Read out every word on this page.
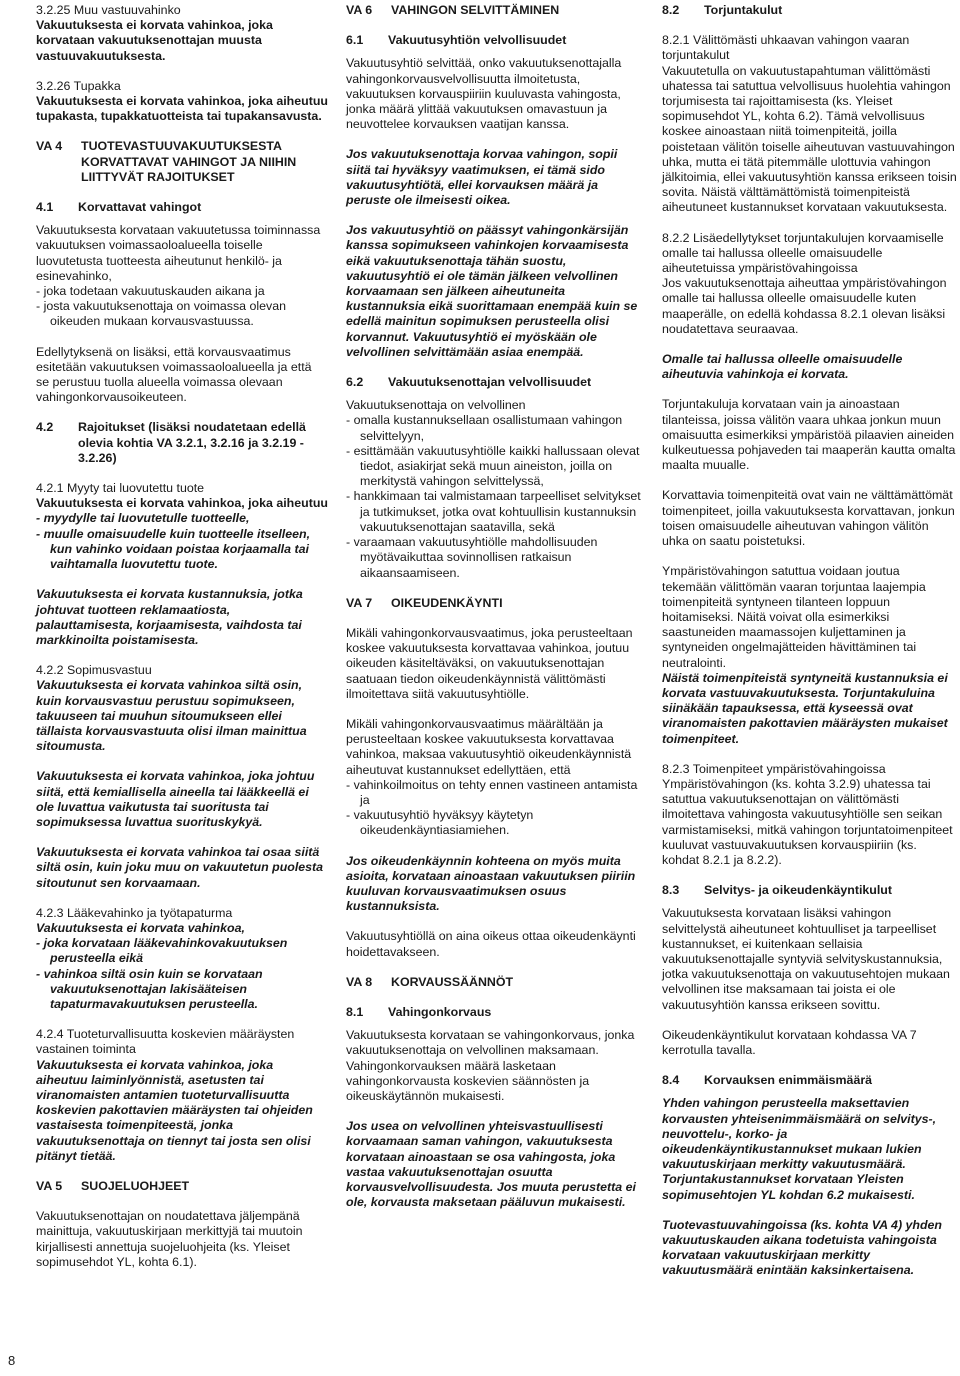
3.2.25 Muu vastuuvahinko

Vakuutuksesta ei korvata vahinkoa, joka korvataan vakuutuksenottajan muusta vastuuvakuutuksesta.

3.2.26 Tupakka

Vakuutuksesta ei korvata vahinkoa, joka aiheutuu tupakasta, tupakkatuotteista tai tupakansavusta.

VA 4	TUOTEVASTUUVAKUUTUKSESTA KORVATTAVAT VAHINGOT JA NIIHIN LIITTYVÄT RAJOITUKSET
4.1	Korvattavat vahingot

Vakuutuksesta korvataan vakuutetussa toiminnassa vakuutuksen voimassaoloalueella toiselle luovutetusta tuotteesta aiheutunut henkilö- ja esinevahinko,

- joka todetaan vakuutuskauden aikana ja

- josta vakuutuksenottaja on voimassa olevan oikeuden mukaan korvausvastuussa.

Edellytyksenä on lisäksi, että korvausvaatimus esitetään vakuutuksen voimassaoloalueella ja että se perustuu tuolla alueella voimassa olevaan vahingonkorvausoikeuteen.

4.2	Rajoitukset (lisäksi noudatetaan edellä olevia kohtia VA 3.2.1, 3.2.16 ja 3.2.19 - 3.2.26)

4.2.1 Myyty tai luovutettu tuote

Vakuutuksesta ei korvata vahinkoa, joka aiheutuu

- myydylle tai luovutetulle tuotteelle,

- muulle omaisuudelle kuin tuotteelle itselleen, kun vahinko voidaan poistaa korjaamalla tai vaihtamalla luovutettu tuote.

Vakuutuksesta ei korvata kustannuksia, jotka johtuvat tuotteen reklamaatiosta, palauttamisesta, korjaamisesta, vaihdosta tai markkinoilta poistamisesta.

4.2.2 Sopimusvastuu

Vakuutuksesta ei korvata vahinkoa siltä osin, kuin korvausvastuu perustuu sopimukseen, takuuseen tai muuhun sitoumukseen ellei tällaista korvausvastuuta olisi ilman mainittua sitoumusta.

Vakuutuksesta ei korvata vahinkoa, joka johtuu siitä, että kemiallisella aineella tai lääkkeellä ei ole luvattua vaikutusta tai suoritusta tai sopimuksessa luvattua suorituskykyä.

Vakuutuksesta ei korvata vahinkoa tai osaa siitä siltä osin, kuin joku muu on vakuutetun puolesta sitoutunut sen korvaamaan.

4.2.3 Lääkevahinko ja työtapaturma

Vakuutuksesta ei korvata vahinkoa,

- joka korvataan lääkevahinkovakuutuksen perusteella eikä

- vahinkoa siltä osin kuin se korvataan vakuutuksenottajan lakisääteisen tapaturmavakuutuksen perusteella.

4.2.4 Tuoteturvallisuutta koskevien määräysten vastainen toiminta

Vakuutuksesta ei korvata vahinkoa, joka aiheutuu laiminlyönnistä, asetusten tai viranomaisten antamien tuoteturvallisuutta koskevien pakottavien määräysten tai ohjeiden vastaisesta toimenpiteestä, jonka vakuutuksenottaja on tiennyt tai josta sen olisi pitänyt tietää.

VA 5	SUOJELUOHJEET

Vakuutuksenottajan on noudatettava jäljempänä mainittuja, vakuutuskirjaan merkittyjä tai muutoin kirjallisesti annettuja suojeluohjeita (ks. Yleiset sopimusehdot YL, kohta 6.1).

VA 6	VAHINGON SELVITTÄMINEN
6.1	Vakuutusyhtiön velvollisuudet

Vakuutusyhtiö selvittää, onko vakuutuksenottajalla vahingonkorvausvelvollisuutta ilmoitetusta, vakuutuksen korvauspiiriin kuuluvasta vahingosta, jonka määrä ylittää vakuutuksen omavastuun ja neuvottelee korvauksen vaatijan kanssa.

Jos vakuutuksenottaja korvaa vahingon, sopii siitä tai hyväksyy vaatimuksen, ei tämä sido vakuutusyhtiötä, ellei korvauksen määrä ja peruste ole ilmeisesti oikea.

Jos vakuutusyhtiö on päässyt vahingonkärsijän kanssa sopimukseen vahinkojen korvaamisesta eikä vakuutuksenottaja tähän suostu, vakuutusyhtiö ei ole tämän jälkeen velvollinen korvaamaan sen jälkeen aiheutuneita kustannuksia eikä suorittamaan enempää kuin se edellä mainitun sopimuksen perusteella olisi korvannut. Vakuutusyhtiö ei myöskään ole velvollinen selvittämään asiaa enempää.

6.2	Vakuutuksenottajan velvollisuudet

Vakuutuksenottaja on velvollinen

- omalla kustannuksellaan osallistumaan vahingon selvittelyyn,

- esittämään vakuutusyhtiölle kaikki hallussaan olevat tiedot, asiakirjat sekä muun aineiston, joilla on merkitystä vahingon selvittelyssä,

- hankkimaan tai valmistamaan tarpeelliset selvitykset ja tutkimukset, jotka ovat kohtuullisin kustannuksin vakuutuksenottajan saatavilla, sekä

- varaamaan vakuutusyhtiölle mahdollisuuden myötävaikuttaa sovinnollisen ratkaisun aikaansaamiseen.

VA 7	OIKEUDENKÄYNTI

Mikäli vahingonkorvausvaatimus, joka perusteeltaan koskee vakuutuksesta korvattavaa vahinkoa, joutuu oikeuden käsiteltäväksi, on vakuutuksenottajan saatuaan tiedon oikeudenkäynnistä välittömästi ilmoitettava siitä vakuutusyhtiölle.

Mikäli vahingonkorvausvaatimus määrältään ja perusteeltaan koskee vakuutuksesta korvattavaa vahinkoa, maksaa vakuutusyhtiö oikeudenkäynnistä aiheutuvat kustannukset edellyttäen, että

- vahinkoilmoitus on tehty ennen vastineen antamista ja

- vakuutusyhtiö hyväksyy käytetyn oikeudenkäyntiasiamiehen.

Jos oikeudenkäynnin kohteena on myös muita asioita, korvataan ainoastaan vakuutuksen piiriin kuuluvan korvausvaatimuksen osuus kustannuksista.

Vakuutusyhtiöllä on aina oikeus ottaa oikeudenkäynti hoidettavakseen.

VA 8	KORVAUSSÄÄNNÖT
8.1	Vahingonkorvaus

Vakuutuksesta korvataan se vahingonkorvaus, jonka vakuutuksenottaja on velvollinen maksamaan. Vahingonkorvauksen määrä lasketaan vahingonkorvausta koskevien säännösten ja oikeuskäytännön mukaisesti.

Jos usea on velvollinen yhteisvastuullisesti korvaamaan saman vahingon, vakuutuksesta korvataan ainoastaan se osa vahingosta, joka vastaa vakuutuksenottajan osuutta korvausvelvollisuudesta. Jos muuta perustetta ei ole, korvausta maksetaan pääluvun mukaisesti.

8.2	Torjuntakulut

8.2.1 Välittömästi uhkaavan vahingon vaaran torjuntakulut

Vakuutetulla on vakuutustapahtuman välittömästi uhatessa tai satuttua velvollisuus huolehtia vahingon torjumisesta tai rajoittamisesta (ks. Yleiset sopimusehdot YL, kohta 6.2). Tämä velvollisuus koskee ainoastaan niitä toimenpiteitä, joilla poistetaan välitön toiselle aiheutuvan vastuuvahingon uhka, mutta ei tätä pitemmälle ulottuvia vahingon jälkitoimia, ellei vakuutusyhtiön kanssa erikseen toisin sovita. Näistä välttämättömistä toimenpiteistä aiheutuneet kustannukset korvataan vakuutuksesta.

8.2.2 Lisäedellytykset torjuntakulujen korvaamiselle omalle tai hallussa olleelle omaisuudelle aiheutetuissa ympäristövahingoissa

Jos vakuutuksenottaja aiheuttaa ympäristövahingon omalle tai hallussa olleelle omaisuudelle kuten maaperälle, on edellä kohdassa 8.2.1 olevan lisäksi noudatettava seuraavaa.

Omalle tai hallussa olleelle omaisuudelle aiheutuvia vahinkoja ei korvata.

Torjuntakuluja korvataan vain ja ainoastaan tilanteissa, joissa välitön vaara uhkaa jonkun muun omaisuutta esimerkiksi ympäristöä pilaavien aineiden kulkeutuessa pohjaveden tai maaperän kautta omalta maalta muualle.

Korvattavia toimenpiteitä ovat vain ne välttämättömät toimenpiteet, joilla vakuutuksesta korvattavan, jonkun toisen omaisuudelle aiheutuvan vahingon välitön uhka on saatu poistetuksi.

Ympäristövahingon satuttua voidaan joutua tekemään välittömän vaaran torjuntaa laajempia toimenpiteitä syntyneen tilanteen loppuun hoitamiseksi. Näitä voivat olla esimerkiksi saastuneiden maamassojen kuljettaminen ja syntyneiden ongelmajätteiden hävittäminen tai neutralointi.

Näistä toimenpiteistä syntyneitä kustannuksia ei korvata vastuuvakuutuksesta. Torjuntakuluina siinäkään tapauksessa, että kyseessä ovat viranomaisten pakottavien määräysten mukaiset toimenpiteet.

8.2.3 Toimenpiteet ympäristövahingoissa

Ympäristövahingon (ks. kohta 3.2.9) uhatessa tai satuttua vakuutuksenottajan on välittömästi ilmoitettava vahingosta vakuutusyhtiölle sen seikan varmistamiseksi, mitkä vahingon torjuntatoimenpiteet kuuluvat vastuuvakuutuksen korvauspiiriin (ks. kohdat 8.2.1 ja 8.2.2).

8.3	Selvitys- ja oikeudenkäyntikulut

Vakuutuksesta korvataan lisäksi vahingon selvittelystä aiheutuneet kohtuulliset ja tarpeelliset kustannukset, ei kuitenkaan sellaisia vakuutuksenottajalle syntyviä selvityskustannuksia, jotka vakuutuksenottaja on vakuutusehtojen mukaan velvollinen itse maksamaan tai joista ei ole vakuutusyhtiön kanssa erikseen sovittu.

Oikeudenkäyntikulut korvataan kohdassa VA 7 kerrotulla tavalla.

8.4	Korvauksen enimmäismäärä

Yhden vahingon perusteella maksettavien korvausten yhteisenimmäismäärä on selvitys-, neuvottelu-, korko- ja oikeudenkäyntikustannukset mukaan lukien vakuutuskirjaan merkitty vakuutusmäärä. Torjuntakustannukset korvataan Yleisten sopimusehtojen YL kohdan 6.2 mukaisesti.

Tuotevastuuvahingoissa (ks. kohta VA 4) yhden vakuutuskauden aikana todetuista vahingoista korvataan vakuutuskirjaan merkitty vakuutusmäärä enintään kaksinkertaisena.

8
